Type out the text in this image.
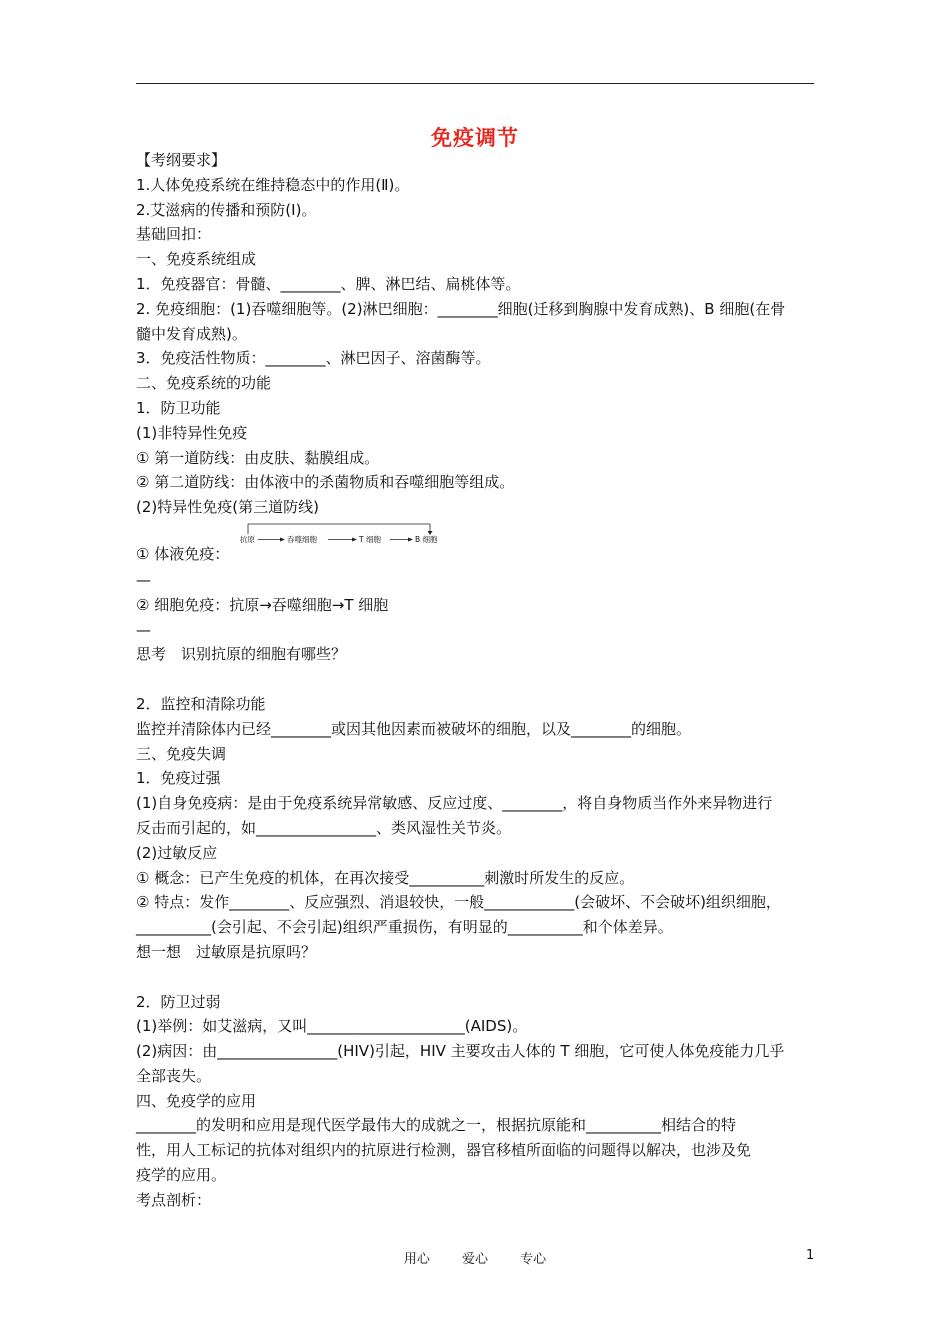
免疫调节
【考纲要求】
1.人体免疫系统在维持稳态中的作用(Ⅱ)。
2.艾滋病的传播和预防(Ⅰ)。
基础回扣：
一、免疫系统组成
1．免疫器官：骨髓、________、脾、淋巴结、扁桃体等。
2. 免疫细胞：(1)吞噬细胞等。(2)淋巴细胞：________细胞(迁移到胸腺中发育成熟)、B 细胞(在骨
髓中发育成熟)。
3．免疫活性物质：________、淋巴因子、溶菌酶等。
二、免疫系统的功能
1．防卫功能
(1)非特异性免疫
① 第一道防线：由皮肤、黏膜组成。
② 第二道防线：由体液中的杀菌物质和吞噬细胞等组成。
(2)特异性免疫(第三道防线)
① 体液免疫：
抗原	吞噬细胞	T 细胞	B 细胞
—
② 细胞免疫：抗原→吞噬细胞→T 细胞
—
思考　识别抗原的细胞有哪些？
2．监控和清除功能
监控并清除体内已经________或因其他因素而被破坏的细胞，以及________的细胞。
三、免疫失调
1．免疫过强
(1)自身免疫病：是由于免疫系统异常敏感、反应过度、________，将自身物质当作外来异物进行
反击而引起的，如________________、类风湿性关节炎。
(2)过敏反应
① 概念：已产生免疫的机体，在再次接受__________刺激时所发生的反应。
② 特点：发作________、反应强烈、消退较快，一般____________(会破坏、不会破坏)组织细胞，
__________(会引起、不会引起)组织严重损伤，有明显的__________和个体差异。
想一想　过敏原是抗原吗？
2．防卫过弱
(1)举例：如艾滋病，又叫_____________________(AIDS)。
(2)病因：由________________(HIV)引起，HIV 主要攻击人体的 T 细胞，它可使人体免疫能力几乎
全部丧失。
四、免疫学的应用
________的发明和应用是现代医学最伟大的成就之一，根据抗原能和__________相结合的特
性，用人工标记的抗体对组织内的抗原进行检测，器官移植所面临的问题得以解决，也涉及免
疫学的应用。
考点剖析：
用心 爱心 专心	1
